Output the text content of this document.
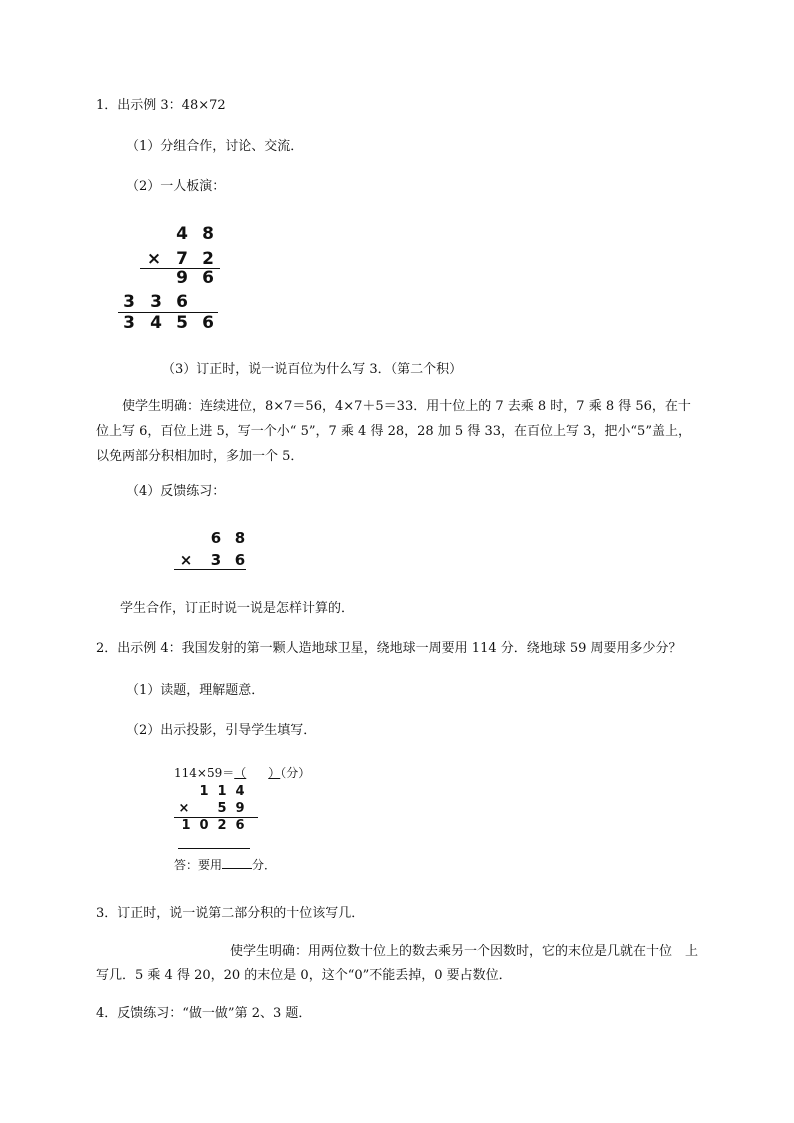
1．出示例 3：48×72
（1）分组合作，讨论、交流．
（2）一人板演：
4 8
× 7 2
9 6
3 3 6
3 4 5 6
（3）订正时，说一说百位为什么写 3．（第二个积）
使学生明确：连续进位，8×7＝56，4×7＋5＝33．用十位上的 7 去乘 8 时，7 乘 8 得 56，在十位上写 6，百位上进 5，写一个小“ 5”，7 乘 4 得 28，28 加 5 得 33，在百位上写 3，把小“5”盖上，以免两部分积相加时，多加一个 5．
（4）反馈练习：
6 8
× 3 6
学生合作，订正时说一说是怎样计算的．
2．出示例 4：我国发射的第一颗人造地球卫星，绕地球一周要用 114 分．绕地球 59 周要用多少分？
（1）读题，理解题意．
（2）出示投影，引导学生填写．
114×59＝（ ）（分）
1 1 4
× 5 9
1 0 2 6
答：要用	分．
3．订正时，说一说第二部分积的十位该写几．
使学生明确：用两位数十位上的数去乘另一个因数时，它的末位是几就在十位　上
写几．5 乘 4 得 20，20 的末位是 0，这个“0”不能丢掉，0 要占数位．
4．反馈练习：“做一做”第 2、3 题．
